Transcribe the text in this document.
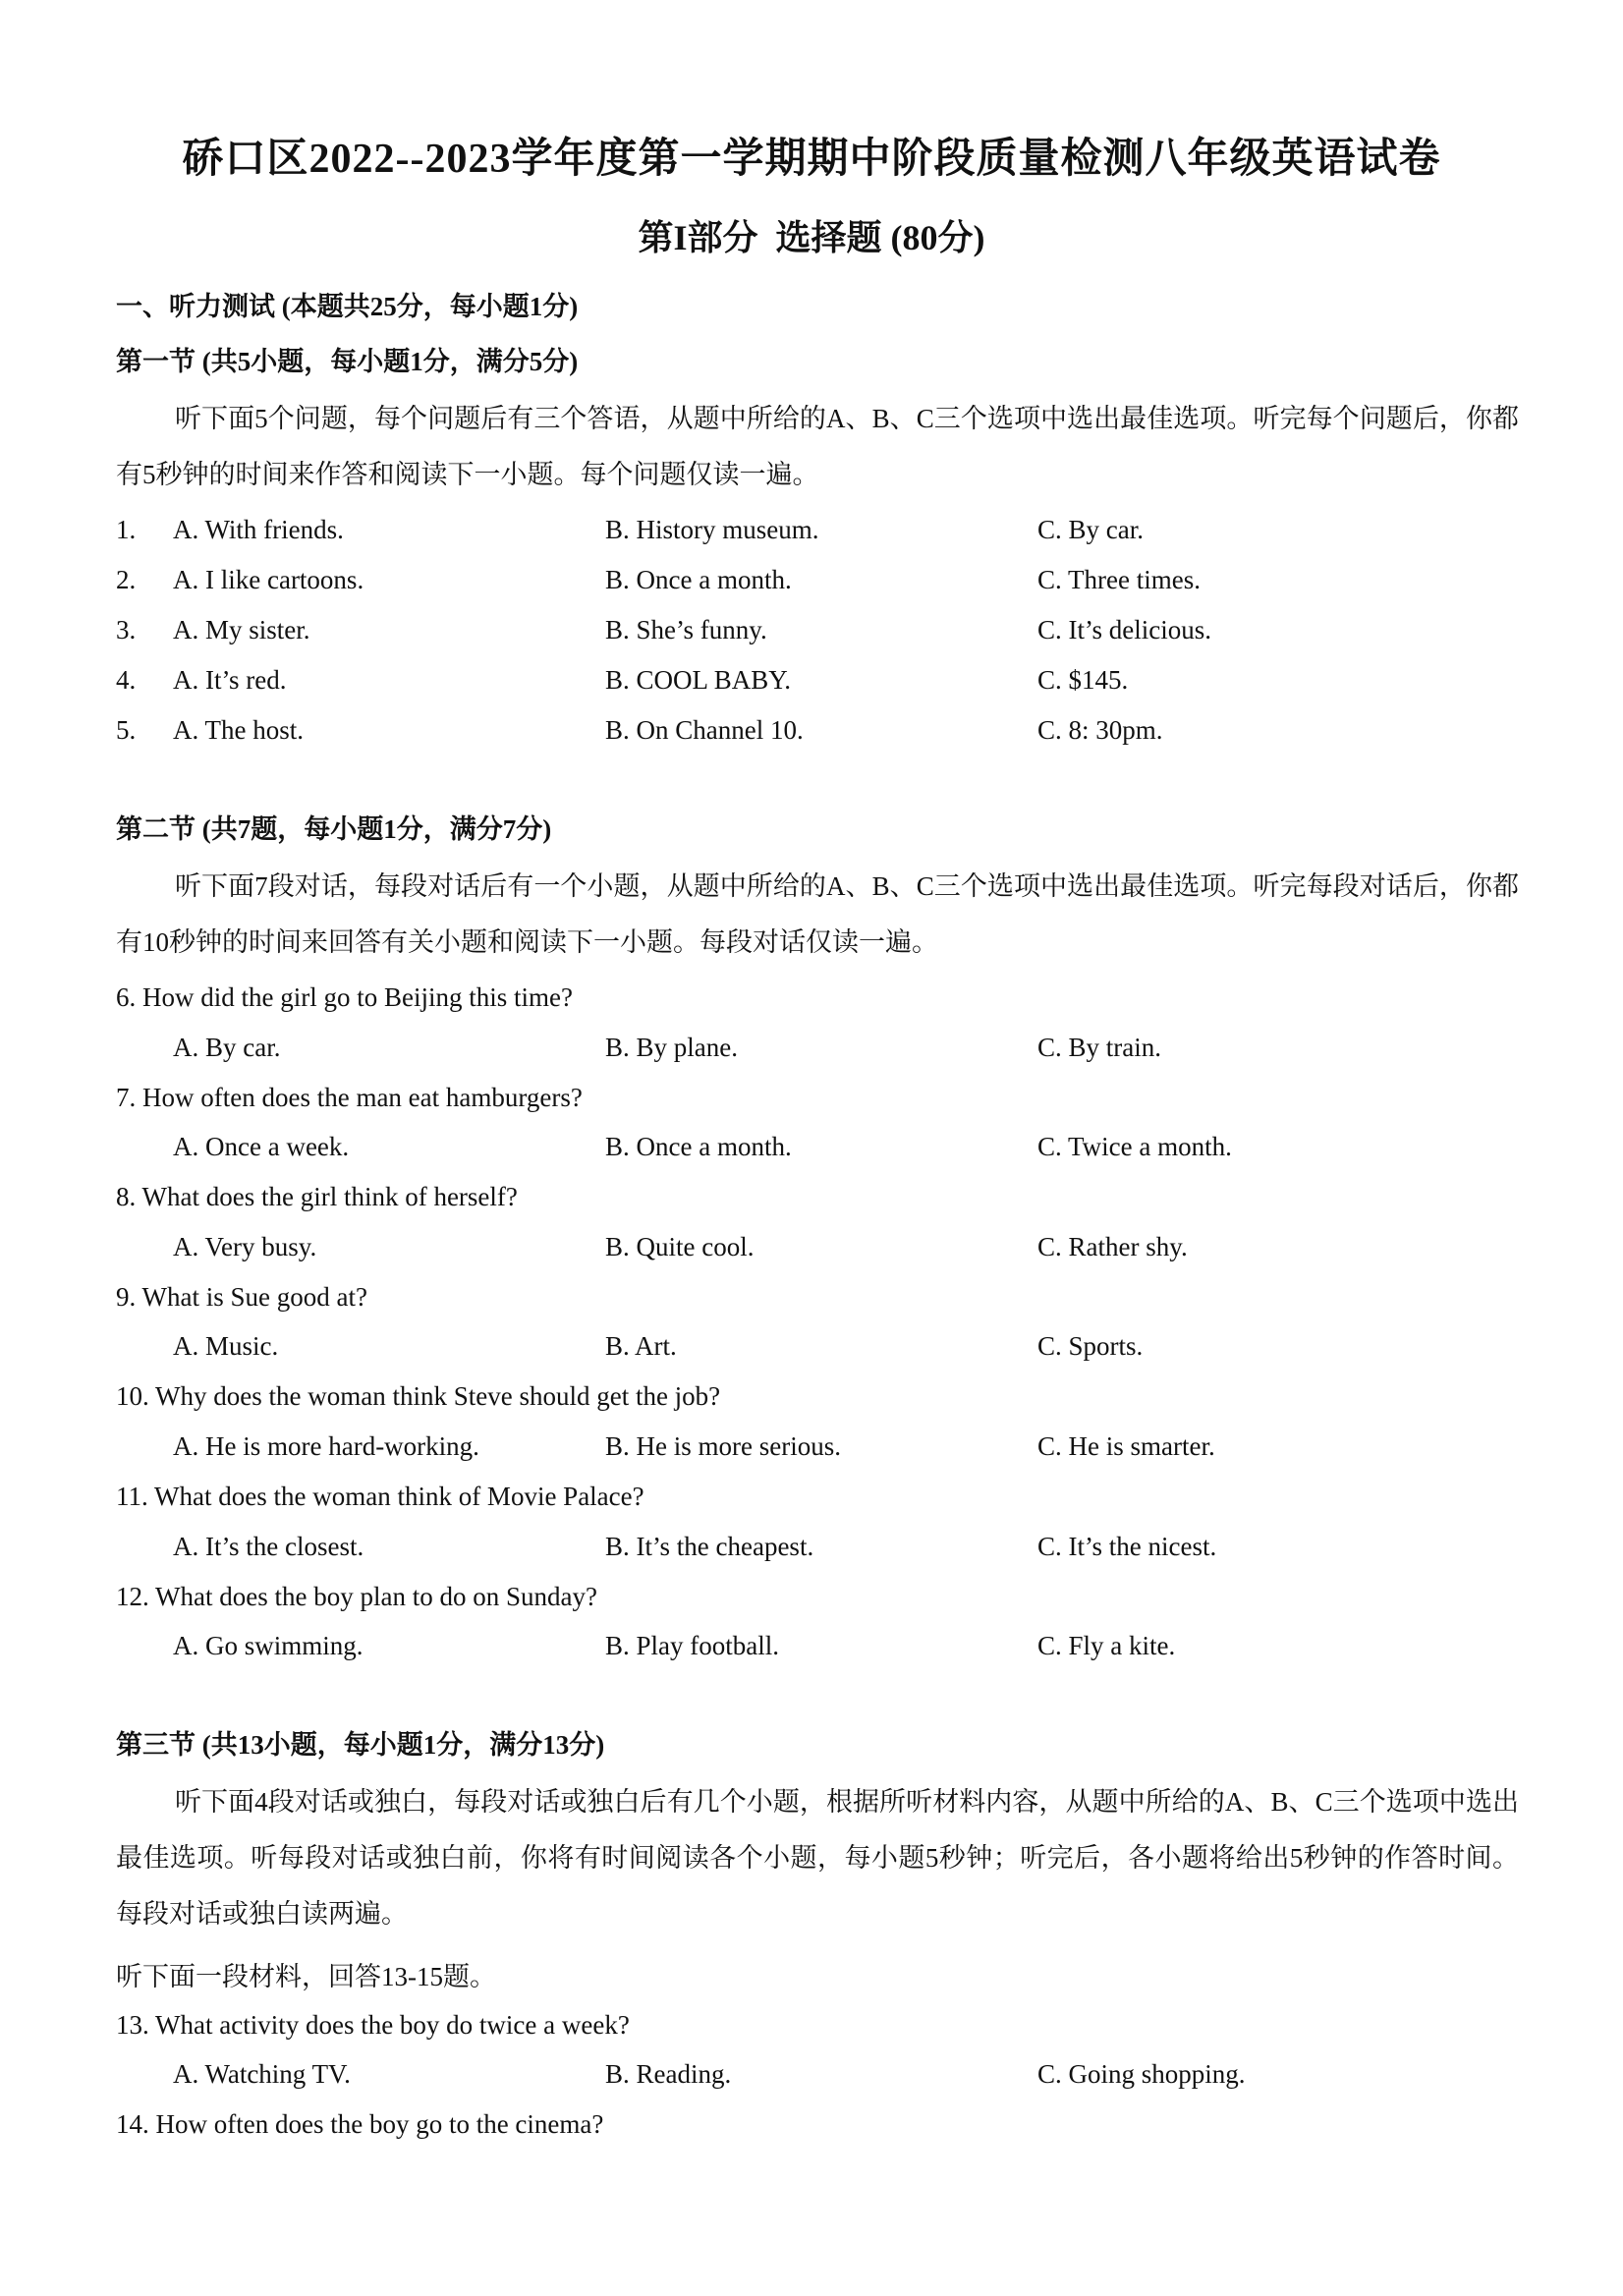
硚口区2022--2023学年度第一学期期中阶段质量检测八年级英语试卷
第I部分  选择题 (80分)
一、听力测试 (本题共25分，每小题1分)
第一节 (共5小题，每小题1分，满分5分)
听下面5个问题，每个问题后有三个答语，从题中所给的A、B、C三个选项中选出最佳选项。听完每个问题后，你都有5秒钟的时间来作答和阅读下一小题。每个问题仅读一遍。
1. A. With friends.	B. History museum.	C. By car.
2. A. I like cartoons.	B. Once a month.	C. Three times.
3. A. My sister.	B. She’s funny.	C. It’s delicious.
4. A. It’s red.	B. COOL BABY.	C. $145.
5. A. The host.	B. On Channel 10.	C. 8: 30pm.
第二节 (共7题，每小题1分，满分7分)
听下面7段对话，每段对话后有一个小题，从题中所给的A、B、C三个选项中选出最佳选项。听完每段对话后，你都有10秒钟的时间来回答有关小题和阅读下一小题。每段对话仅读一遍。
6. How did the girl go to Beijing this time?
A. By car.	B. By plane.	C. By train.
7. How often does the man eat hamburgers?
A. Once a week.	B. Once a month.	C. Twice a month.
8. What does the girl think of herself?
A. Very busy.	B. Quite cool.	C. Rather shy.
9. What is Sue good at?
A. Music.	B. Art.	C. Sports.
10. Why does the woman think Steve should get the job?
A. He is more hard-working.	B. He is more serious.	C. He is smarter.
11. What does the woman think of Movie Palace?
A. It’s the closest.	B. It’s the cheapest.	C. It’s the nicest.
12. What does the boy plan to do on Sunday?
A. Go swimming.	B. Play football.	C. Fly a kite.
第三节 (共13小题，每小题1分，满分13分)
听下面4段对话或独白，每段对话或独白后有几个小题，根据所听材料内容，从题中所给的A、B、C三个选项中选出最佳选项。听每段对话或独白前，你将有时间阅读各个小题，每小题5秒钟；听完后，各小题将给出5秒钟的作答时间。每段对话或独白读两遍。
听下面一段材料，回答13-15题。
13. What activity does the boy do twice a week?
A. Watching TV.	B. Reading.	C. Going shopping.
14. How often does the boy go to the cinema?
